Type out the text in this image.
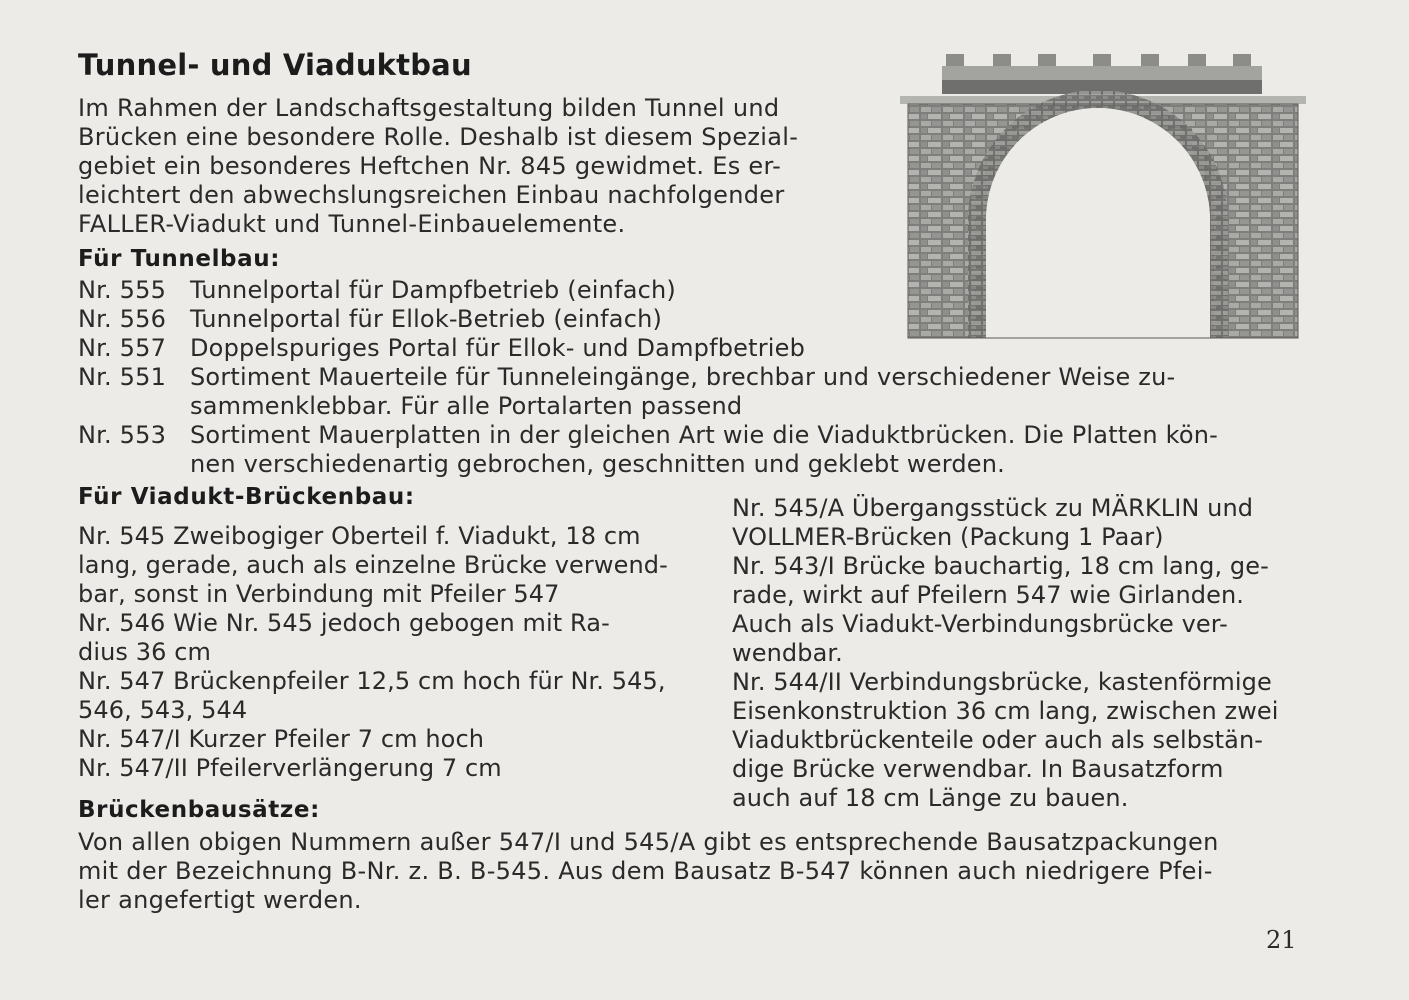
Tunnel- und Viaduktbau
Im Rahmen der Landschaftsgestaltung bilden Tunnel und
Brücken eine besondere Rolle. Deshalb ist diesem Spezial-
gebiet ein besonderes Heftchen Nr. 845 gewidmet. Es er-
leichtert den abwechslungsreichen Einbau nachfolgender
FALLER-Viadukt und Tunnel-Einbauelemente.
Für Tunnelbau:
Nr. 555 Tunnelportal für Dampfbetrieb (einfach)
Nr. 556 Tunnelportal für Ellok-Betrieb (einfach)
Nr. 557 Doppelspuriges Portal für Ellok- und Dampfbetrieb
Nr. 551 Sortiment Mauerteile für Tunneleingänge, brechbar und verschiedener Weise zu-
sammenklebbar. Für alle Portalarten passend
Nr. 553 Sortiment Mauerplatten in der gleichen Art wie die Viaduktbrücken. Die Platten kön-
nen verschiedenartig gebrochen, geschnitten und geklebt werden.
Für Viadukt-Brückenbau:
Nr. 545 Zweibogiger Oberteil f. Viadukt, 18 cm
lang, gerade, auch als einzelne Brücke verwend-
bar, sonst in Verbindung mit Pfeiler 547
Nr. 546 Wie Nr. 545 jedoch gebogen mit Ra-
dius 36 cm
Nr. 547 Brückenpfeiler 12,5 cm hoch für Nr. 545,
546, 543, 544
Nr. 547/I Kurzer Pfeiler 7 cm hoch
Nr. 547/II Pfeilerverlängerung 7 cm
Nr. 545/A Übergangsstück zu MÄRKLIN und
VOLLMER-Brücken (Packung 1 Paar)
Nr. 543/I Brücke bauchartig, 18 cm lang, ge-
rade, wirkt auf Pfeilern 547 wie Girlanden.
Auch als Viadukt-Verbindungsbrücke ver-
wendbar.
Nr. 544/II Verbindungsbrücke, kastenförmige
Eisenkonstruktion 36 cm lang, zwischen zwei
Viaduktbrückenteile oder auch als selbstän-
dige Brücke verwendbar. In Bausatzform
auch auf 18 cm Länge zu bauen.
Brückenbausätze:
Von allen obigen Nummern außer 547/I und 545/A gibt es entsprechende Bausatzpackungen
mit der Bezeichnung B-Nr. z. B. B-545. Aus dem Bausatz B-547 können auch niedrigere Pfei-
ler angefertigt werden.
21
